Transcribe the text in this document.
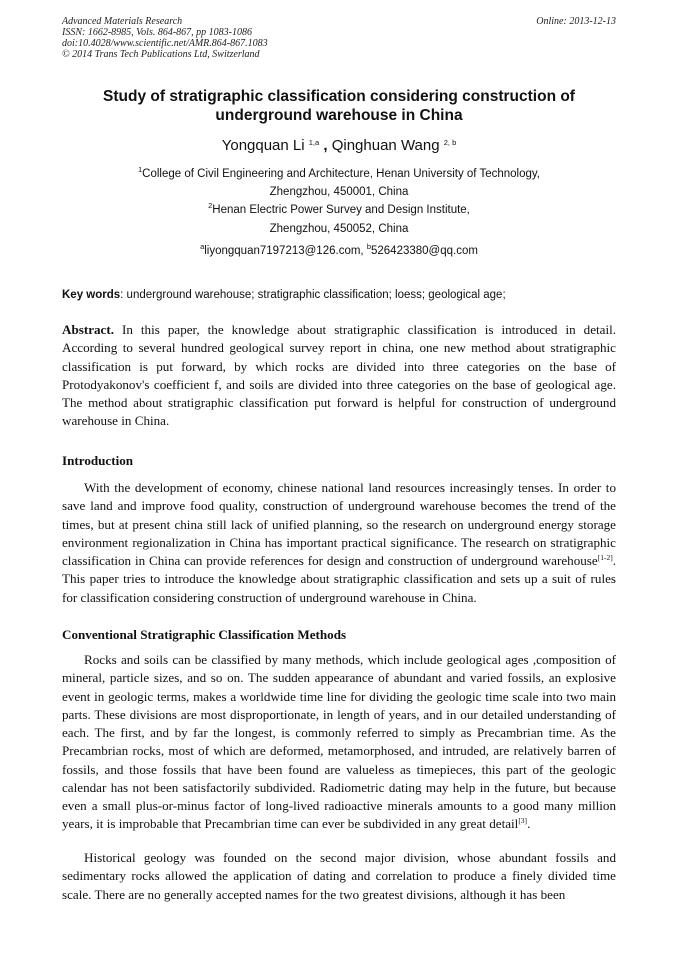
Advanced Materials Research
ISSN: 1662-8985, Vols. 864-867, pp 1083-1086
doi:10.4028/www.scientific.net/AMR.864-867.1083
© 2014 Trans Tech Publications Ltd, Switzerland
Online: 2013-12-13
Study of stratigraphic classification considering construction of underground warehouse in China
Yongquan Li $^{1,a}$ , Qinghuan Wang $^{2, b}$
$^1$College of Civil Engineering and Architecture, Henan University of Technology,
Zhengzhou, 450001, China
$^2$Henan Electric Power Survey and Design Institute,
Zhengzhou, 450052, China
$^a$liyongquan7197213@126.com, $^b$526423380@qq.com
Key words: underground warehouse; stratigraphic classification; loess; geological age;
Abstract. In this paper, the knowledge about stratigraphic classification is introduced in detail. According to several hundred geological survey report in china, one new method about stratigraphic classification is put forward, by which rocks are divided into three categories on the base of Protodyakonov's coefficient f, and soils are divided into three categories on the base of geological age. The method about stratigraphic classification put forward is helpful for construction of underground warehouse in China.
Introduction
With the development of economy, chinese national land resources increasingly tenses. In order to save land and improve food quality, construction of underground warehouse becomes the trend of the times, but at present china still lack of unified planning, so the research on underground energy storage environment regionalization in China has important practical significance. The research on stratigraphic classification in China can provide references for design and construction of underground warehouse[1-2]. This paper tries to introduce the knowledge about stratigraphic classification and sets up a suit of rules for classification considering construction of underground warehouse in China.
Conventional Stratigraphic Classification Methods
Rocks and soils can be classified by many methods, which include geological ages ,composition of mineral, particle sizes, and so on. The sudden appearance of abundant and varied fossils, an explosive event in geologic terms, makes a worldwide time line for dividing the geologic time scale into two main parts. These divisions are most disproportionate, in length of years, and in our detailed understanding of each. The first, and by far the longest, is commonly referred to simply as Precambrian time. As the Precambrian rocks, most of which are deformed, metamorphosed, and intruded, are relatively barren of fossils, and those fossils that have been found are valueless as timepieces, this part of the geologic calendar has not been satisfactorily subdivided. Radiometric dating may help in the future, but because even a small plus-or-minus factor of long-lived radioactive minerals amounts to a good many million years, it is improbable that Precambrian time can ever be subdivided in any great detail[3].
Historical geology was founded on the second major division, whose abundant fossils and sedimentary rocks allowed the application of dating and correlation to produce a finely divided time scale. There are no generally accepted names for the two greatest divisions, although it has been
